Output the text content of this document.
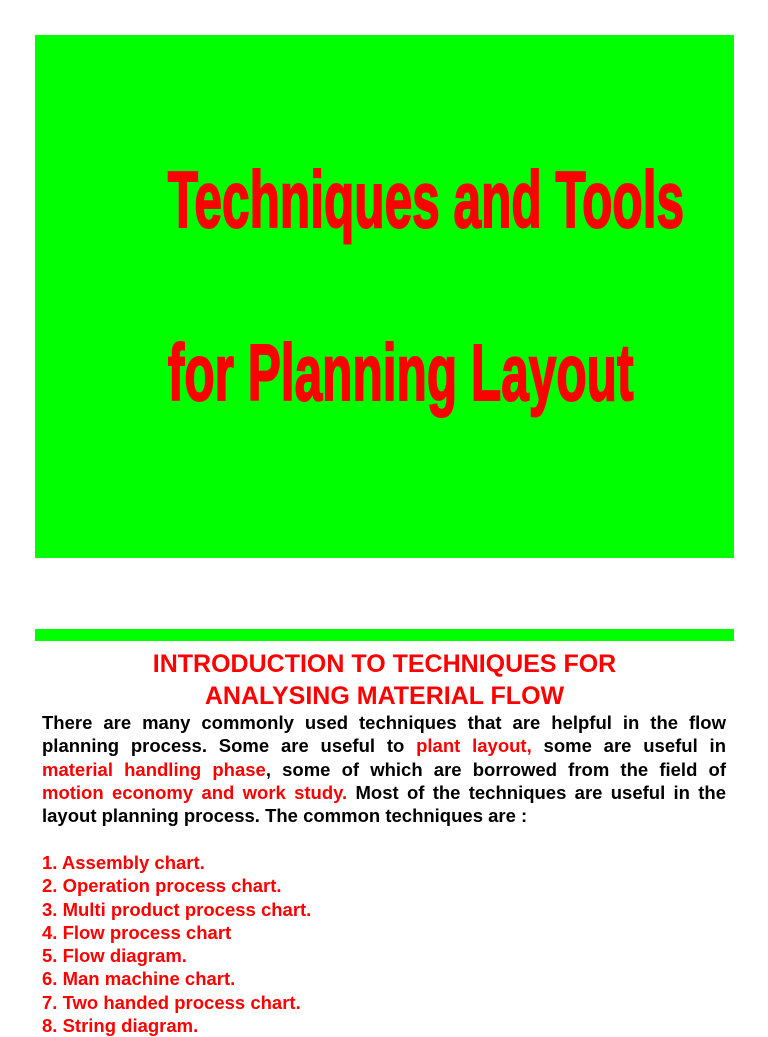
Techniques and Tools
for Planning Layout
INTRODUCTION TO TECHNIQUES FOR
ANALYSING MATERIAL FLOW

There are many commonly used techniques that are helpful in the flow planning process. Some are useful to plant layout, some are useful in material handling phase, some of which are borrowed from the field of motion economy and work study. Most of the techniques are useful in the layout planning process. The common techniques are :

1. Assembly chart.
2. Operation process chart.
3. Multi product process chart.
4. Flow process chart
5. Flow diagram.
6. Man machine chart.
7. Two handed process chart.
8. String diagram.
